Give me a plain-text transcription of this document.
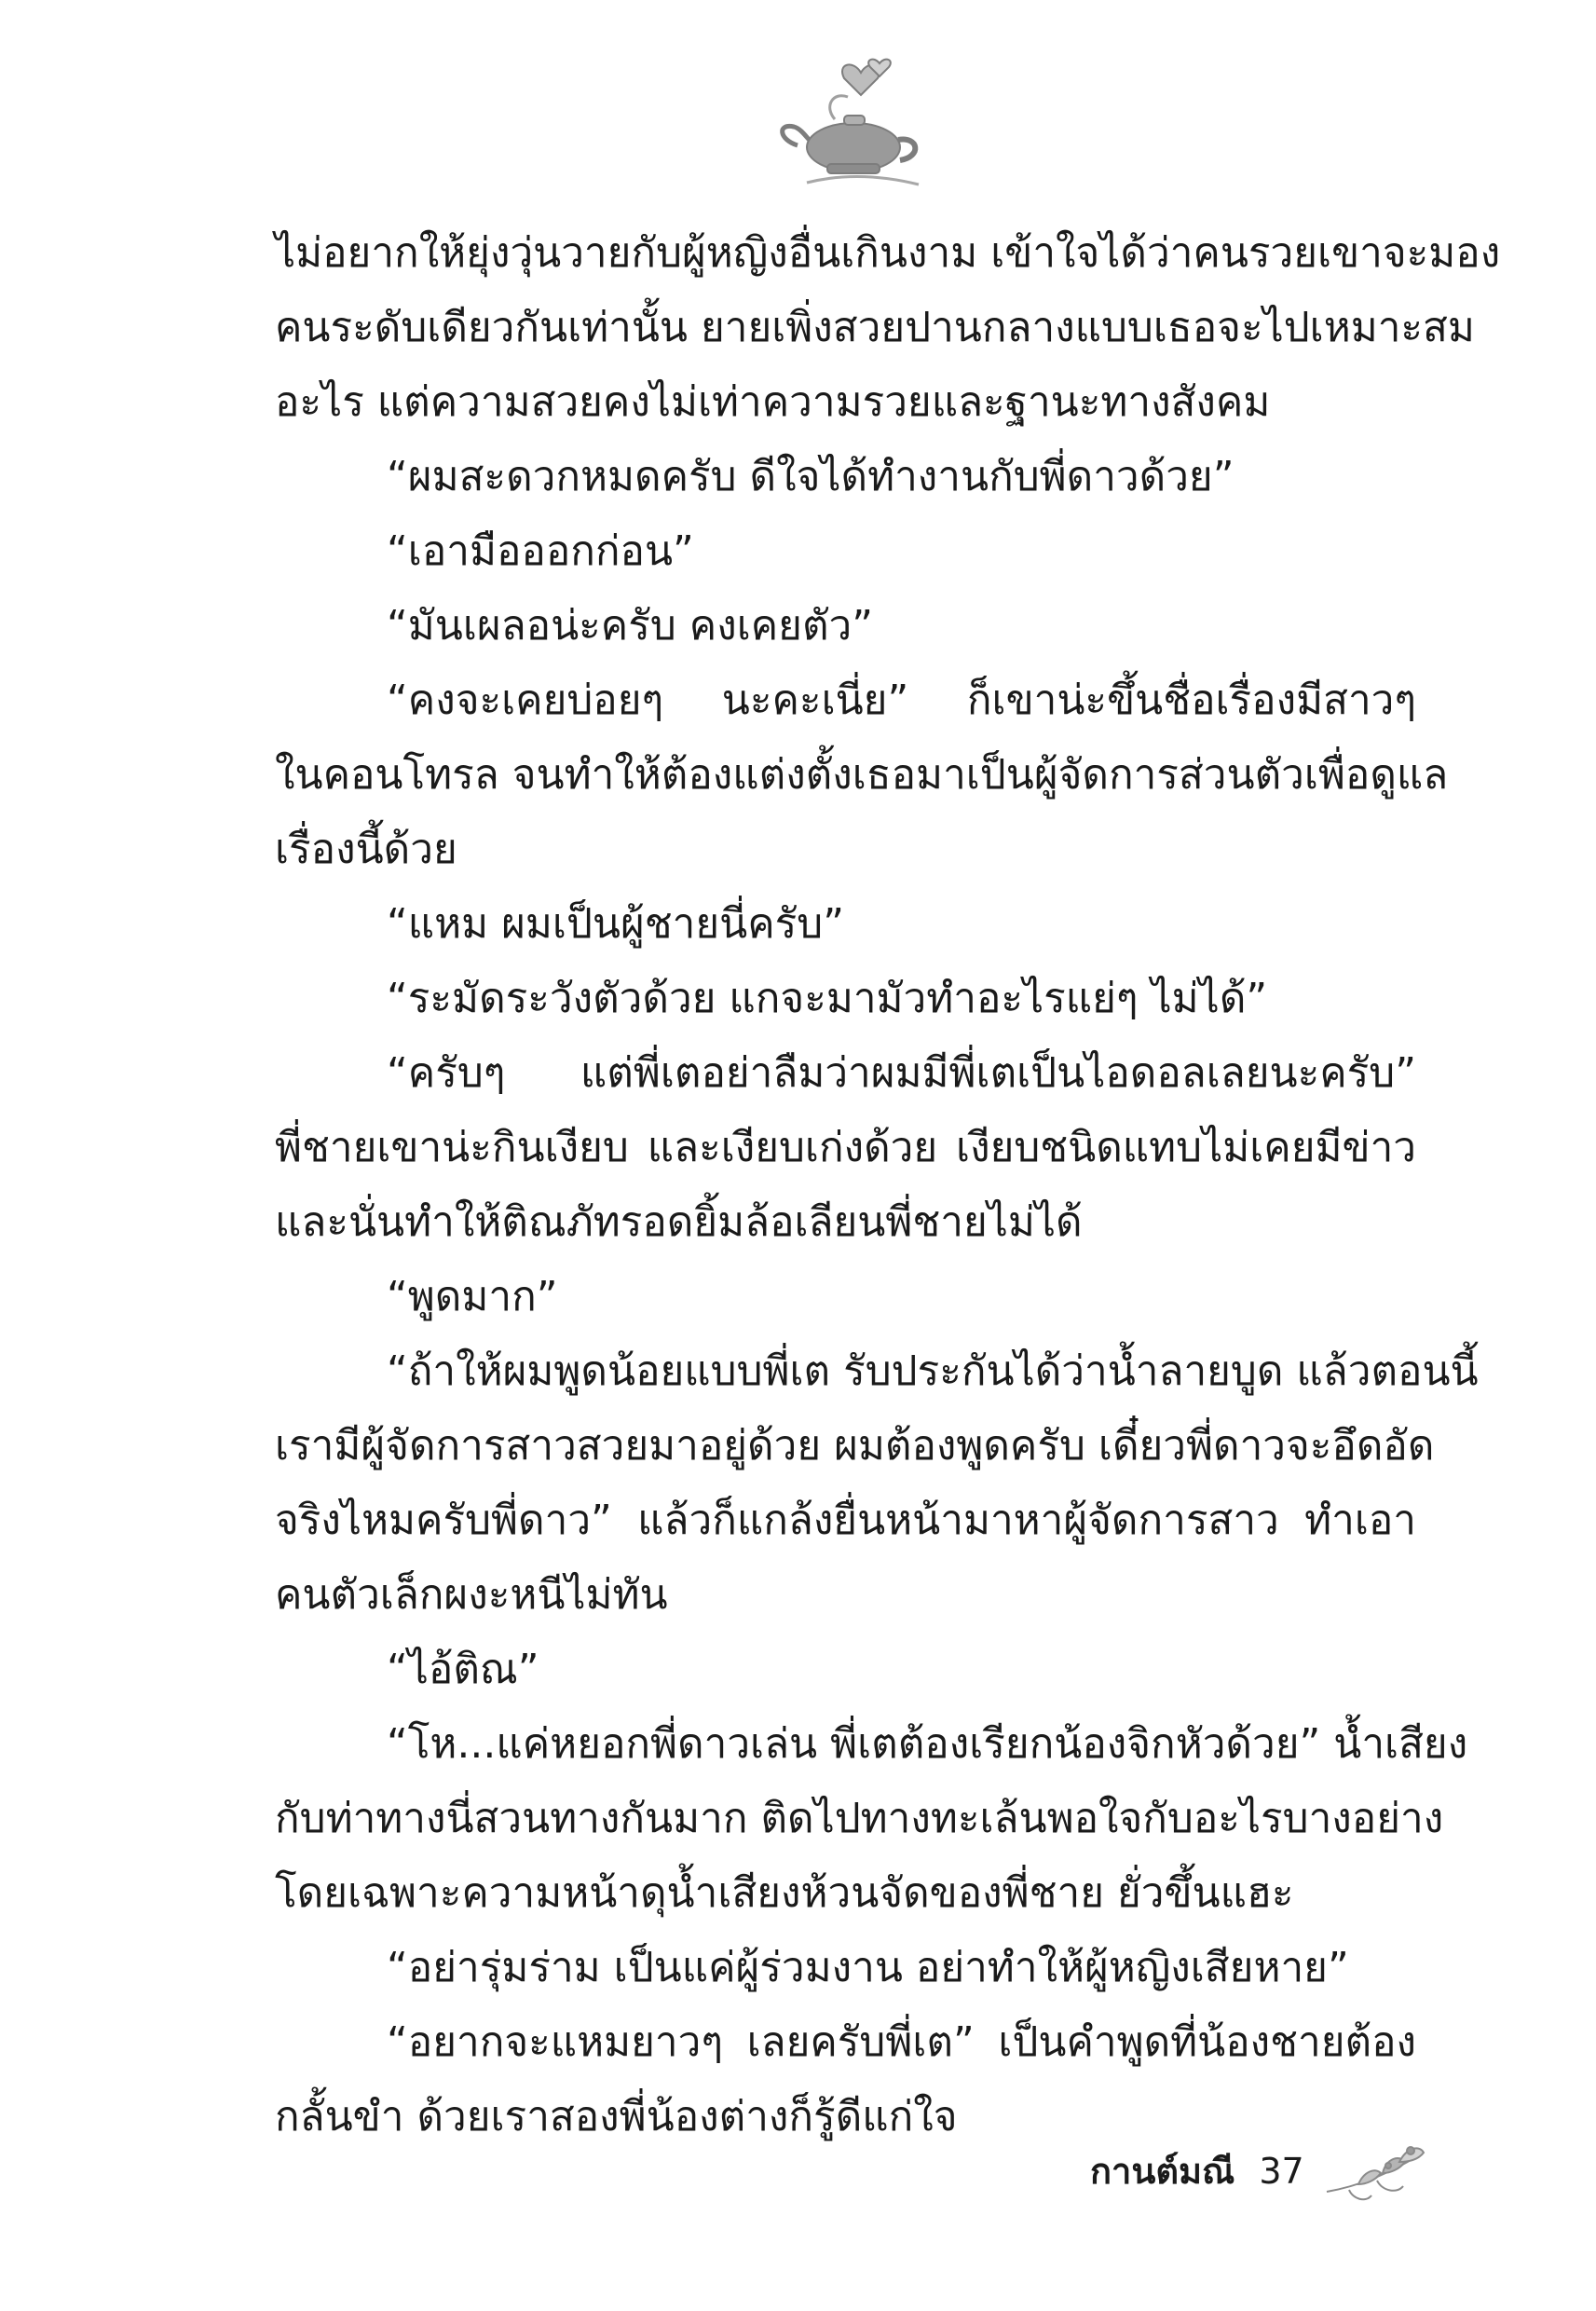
ไม่อยากให้ยุ่งวุ่นวายกับผู้หญิงอื่นเกินงาม เข้าใจได้ว่าคนรวยเขาจะมอง
คนระดับเดียวกันเท่านั้น ยายเพิ่งสวยปานกลางแบบเธอจะไปเหมาะสม
อะไร แต่ความสวยคงไม่เท่าความรวยและฐานะทางสังคม
“ผมสะดวกหมดครับ ดีใจได้ทำงานกับพี่ดาวด้วย”
“เอามือออกก่อน”
“มันเผลอน่ะครับ คงเคยตัว”
“คงจะเคยบ่อยๆ นะคะเนี่ย” ก็เขาน่ะขึ้นชื่อเรื่องมีสาวๆ
ในคอนโทรล จนทำให้ต้องแต่งตั้งเธอมาเป็นผู้จัดการส่วนตัวเพื่อดูแล
เรื่องนี้ด้วย
“แหม ผมเป็นผู้ชายนี่ครับ”
“ระมัดระวังตัวด้วย แกจะมามัวทำอะไรแย่ๆ ไม่ได้”
“ครับๆ แต่พี่เตอย่าลืมว่าผมมีพี่เตเป็นไอดอลเลยนะครับ”
พี่ชายเขาน่ะกินเงียบ และเงียบเก่งด้วย เงียบชนิดแทบไม่เคยมีข่าว
และนั่นทำให้ติณภัทรอดยิ้มล้อเลียนพี่ชายไม่ได้
“พูดมาก”
“ถ้าให้ผมพูดน้อยแบบพี่เต รับประกันได้ว่าน้ำลายบูด แล้วตอนนี้
เรามีผู้จัดการสาวสวยมาอยู่ด้วย ผมต้องพูดครับ เดี๋ยวพี่ดาวจะอึดอัด
จริงไหมครับพี่ดาว” แล้วก็แกล้งยื่นหน้ามาหาผู้จัดการสาว ทำเอา
คนตัวเล็กผงะหนีไม่ทัน
“ไอ้ติณ”
“โห...แค่หยอกพี่ดาวเล่น พี่เตต้องเรียกน้องจิกหัวด้วย” น้ำเสียง
กับท่าทางนี่สวนทางกันมาก ติดไปทางทะเล้นพอใจกับอะไรบางอย่าง
โดยเฉพาะความหน้าดุน้ำเสียงห้วนจัดของพี่ชาย ยั่วขึ้นแฮะ
“อย่ารุ่มร่าม เป็นแค่ผู้ร่วมงาน อย่าทำให้ผู้หญิงเสียหาย”
“อยากจะแหมยาวๆ เลยครับพี่เต” เป็นคำพูดที่น้องชายต้อง
กลั้นขำ ด้วยเราสองพี่น้องต่างก็รู้ดีแก่ใจ
กานต์มณี 37
